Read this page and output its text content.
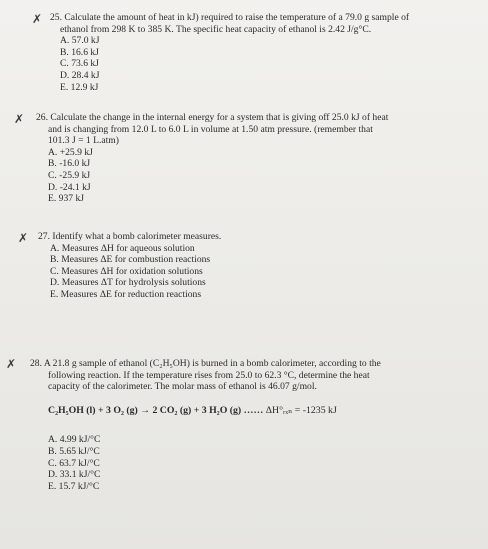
✗ 25. Calculate the amount of heat in kJ) required to raise the temperature of a 79.0 g sample of
ethanol from 298 K to 385 K. The specific heat capacity of ethanol is 2.42 J/g°C.
A. 57.0 kJ
B. 16.6 kJ
C. 73.6 kJ
D. 28.4 kJ
E. 12.9 kJ
✗ 26. Calculate the change in the internal energy for a system that is giving off 25.0 kJ of heat
and is changing from 12.0 L to 6.0 L in volume at 1.50 atm pressure. (remember that
101.3 J = 1 L.atm)
A. +25.9 kJ
B. -16.0 kJ
C. -25.9 kJ
D. -24.1 kJ
E. 937 kJ
✗ 27. Identify what a bomb calorimeter measures.
A. Measures ΔH for aqueous solution
B. Measures ΔE for combustion reactions
C. Measures ΔH for oxidation solutions
D. Measures ΔT for hydrolysis solutions
E. Measures ΔE for reduction reactions
✗ 28. A 21.8 g sample of ethanol (C₂H₅OH) is burned in a bomb calorimeter, according to the
following reaction. If the temperature rises from 25.0 to 62.3 °C, determine the heat
capacity of the calorimeter. The molar mass of ethanol is 46.07 g/mol.
C₂H₅OH (l) + 3 O₂ (g) → 2 CO₂ (g) + 3 H₂O (g) …… ΔH°ᵣₓₙ = -1235 kJ
A. 4.99 kJ/°C
B. 5.65 kJ/°C
C. 63.7 kJ/°C
D. 33.1 kJ/°C
E. 15.7 kJ/°C
